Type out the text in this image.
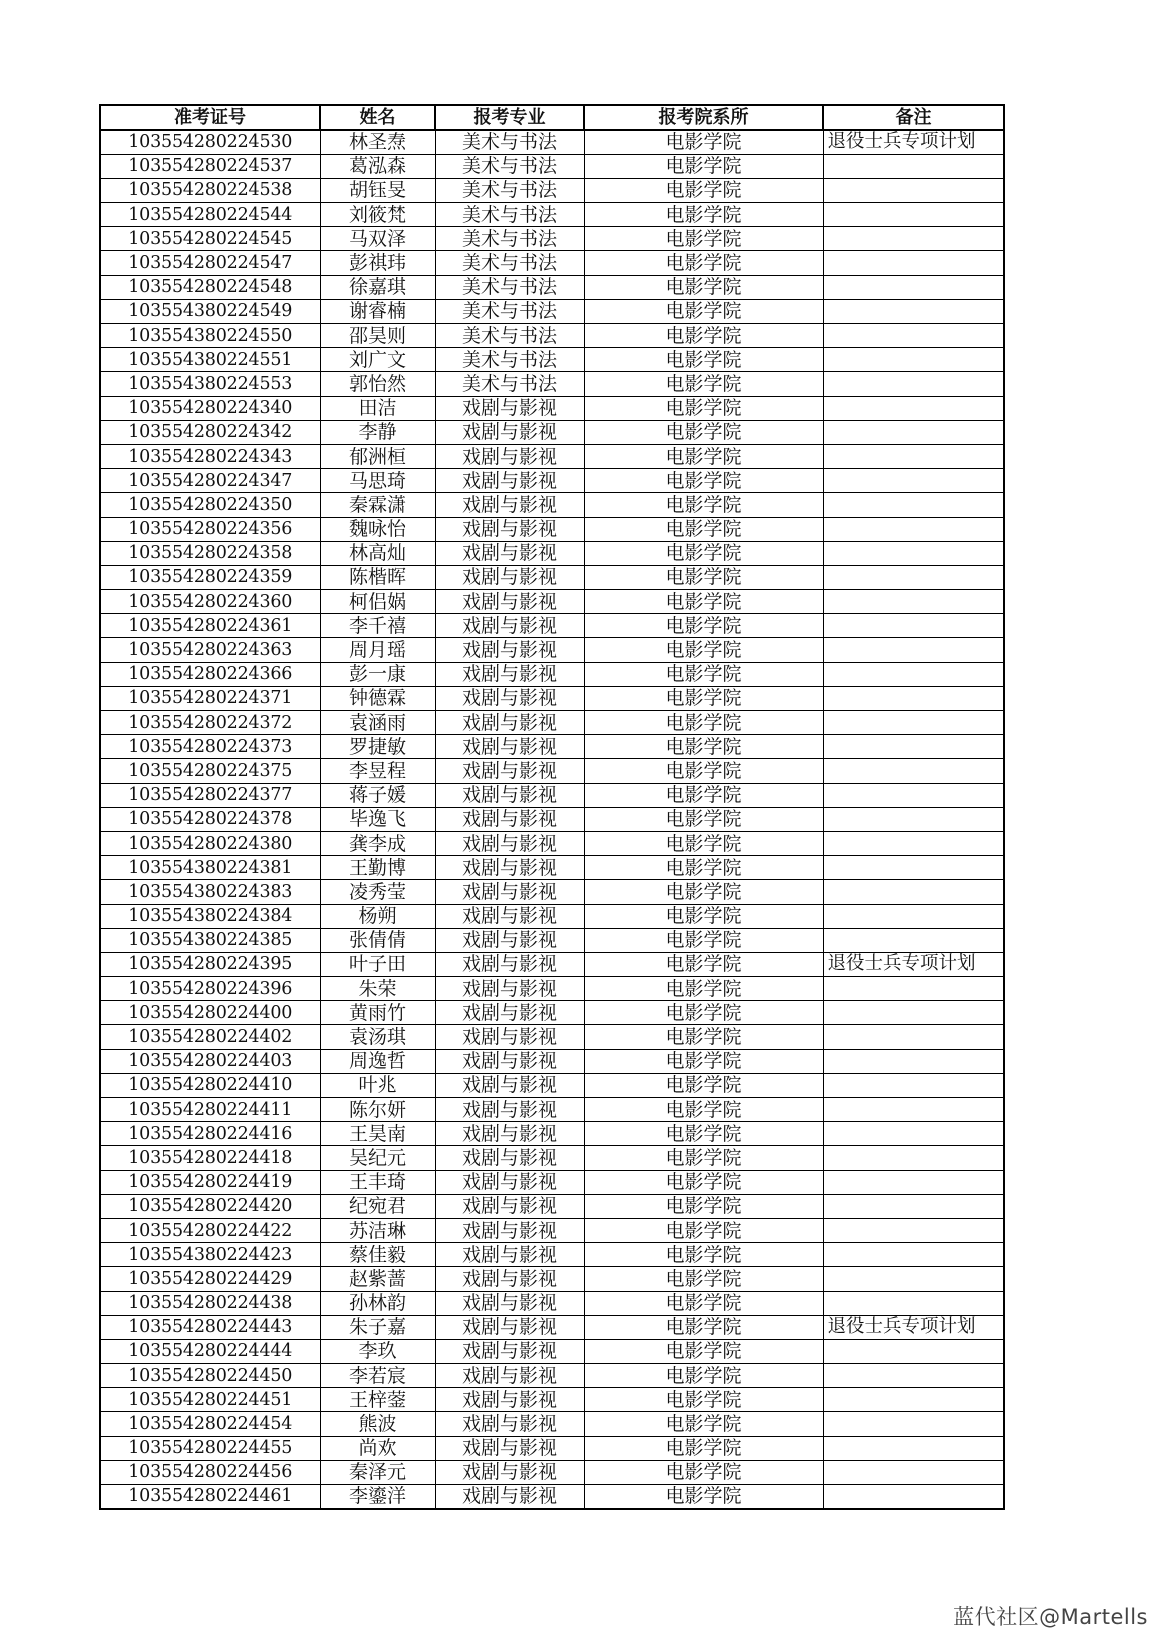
准考证号	姓名	报考专业	报考院系所	备注
103554280224530	林圣焘	美术与书法	电影学院	退役士兵专项计划
103554280224537	葛泓森	美术与书法	电影学院	
103554280224538	胡钰旻	美术与书法	电影学院	
103554280224544	刘筱梵	美术与书法	电影学院	
103554280224545	马双泽	美术与书法	电影学院	
103554280224547	彭祺玮	美术与书法	电影学院	
103554280224548	徐嘉琪	美术与书法	电影学院	
103554380224549	谢睿楠	美术与书法	电影学院	
103554380224550	邵昊则	美术与书法	电影学院	
103554380224551	刘广文	美术与书法	电影学院	
103554380224553	郭怡然	美术与书法	电影学院	
103554280224340	田洁	戏剧与影视	电影学院	
103554280224342	李静	戏剧与影视	电影学院	
103554280224343	郁洲桓	戏剧与影视	电影学院	
103554280224347	马思琦	戏剧与影视	电影学院	
103554280224350	秦霖潇	戏剧与影视	电影学院	
103554280224356	魏咏怡	戏剧与影视	电影学院	
103554280224358	林高灿	戏剧与影视	电影学院	
103554280224359	陈楷晖	戏剧与影视	电影学院	
103554280224360	柯侣娲	戏剧与影视	电影学院	
103554280224361	李千禧	戏剧与影视	电影学院	
103554280224363	周月瑶	戏剧与影视	电影学院	
103554280224366	彭一康	戏剧与影视	电影学院	
103554280224371	钟德霖	戏剧与影视	电影学院	
103554280224372	袁涵雨	戏剧与影视	电影学院	
103554280224373	罗捷敏	戏剧与影视	电影学院	
103554280224375	李昱程	戏剧与影视	电影学院	
103554280224377	蒋子媛	戏剧与影视	电影学院	
103554280224378	毕逸飞	戏剧与影视	电影学院	
103554280224380	龚李成	戏剧与影视	电影学院	
103554380224381	王勤博	戏剧与影视	电影学院	
103554380224383	凌秀莹	戏剧与影视	电影学院	
103554380224384	杨朔	戏剧与影视	电影学院	
103554380224385	张倩倩	戏剧与影视	电影学院	
103554280224395	叶子田	戏剧与影视	电影学院	退役士兵专项计划
103554280224396	朱荣	戏剧与影视	电影学院	
103554280224400	黄雨竹	戏剧与影视	电影学院	
103554280224402	袁汤琪	戏剧与影视	电影学院	
103554280224403	周逸哲	戏剧与影视	电影学院	
103554280224410	叶兆	戏剧与影视	电影学院	
103554280224411	陈尔妍	戏剧与影视	电影学院	
103554280224416	王昊南	戏剧与影视	电影学院	
103554280224418	吴纪元	戏剧与影视	电影学院	
103554280224419	王丰琦	戏剧与影视	电影学院	
103554280224420	纪宛君	戏剧与影视	电影学院	
103554280224422	苏洁琳	戏剧与影视	电影学院	
103554380224423	蔡佳毅	戏剧与影视	电影学院	
103554280224429	赵紫蔷	戏剧与影视	电影学院	
103554280224438	孙林韵	戏剧与影视	电影学院	
103554280224443	朱子嘉	戏剧与影视	电影学院	退役士兵专项计划
103554280224444	李玖	戏剧与影视	电影学院	
103554280224450	李若宸	戏剧与影视	电影学院	
103554280224451	王梓蓥	戏剧与影视	电影学院	
103554280224454	熊波	戏剧与影视	电影学院	
103554280224455	尚欢	戏剧与影视	电影学院	
103554280224456	秦泽元	戏剧与影视	电影学院	
103554280224461	李鎏洋	戏剧与影视	电影学院	
蓝代社区@Martells
